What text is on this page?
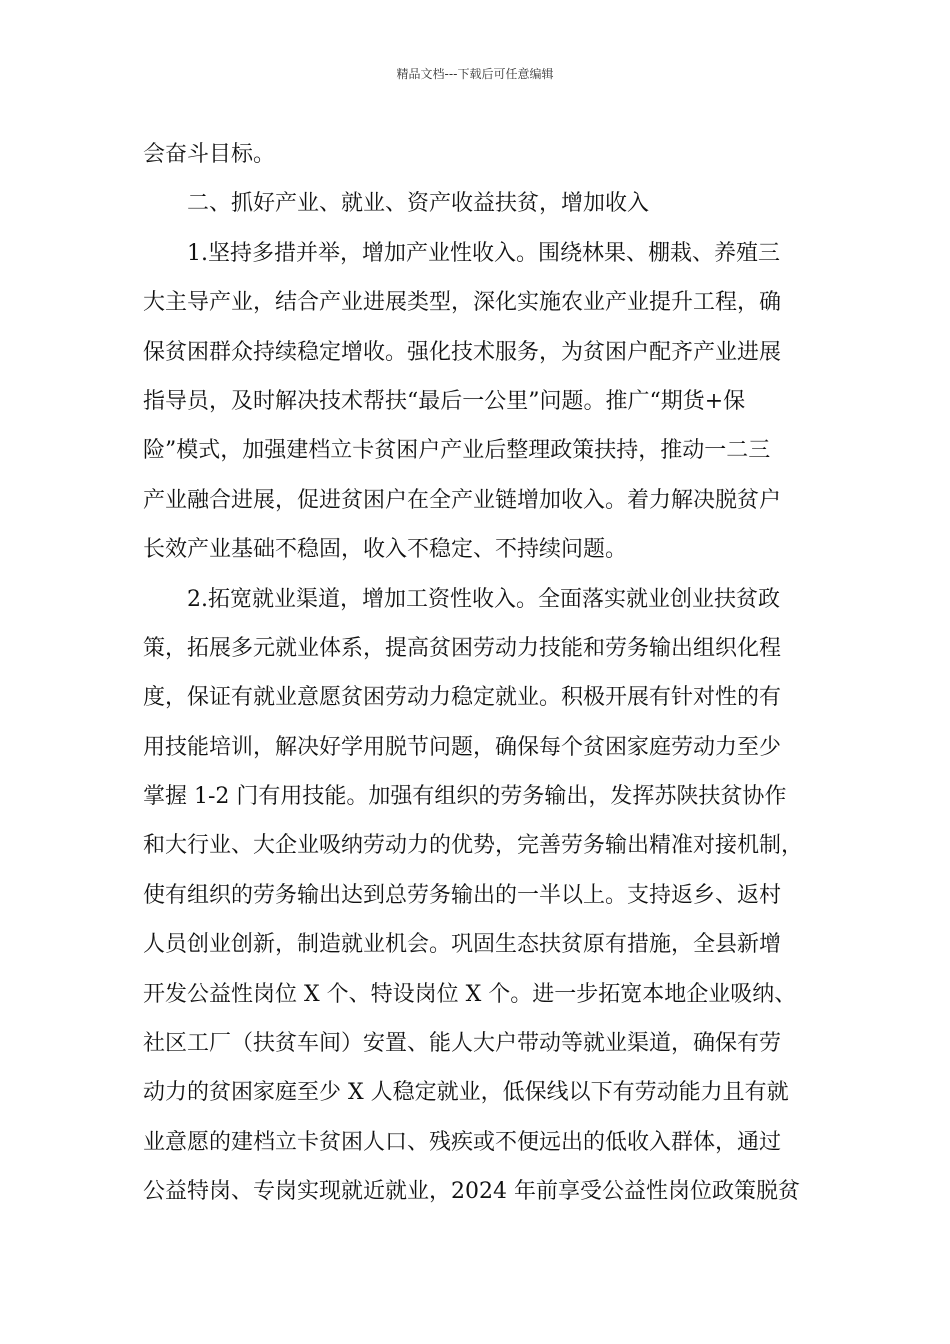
精品文档---下载后可任意编辑
会奋斗目标。
二、抓好产业、就业、资产收益扶贫，增加收入
1.坚持多措并举，增加产业性收入。围绕林果、棚栽、养殖三
大主导产业，结合产业进展类型，深化实施农业产业提升工程，确
保贫困群众持续稳定增收。强化技术服务，为贫困户配齐产业进展
指导员，及时解决技术帮扶“最后一公里”问题。推广“期货+保
险”模式，加强建档立卡贫困户产业后整理政策扶持，推动一二三
产业融合进展，促进贫困户在全产业链增加收入。着力解决脱贫户
长效产业基础不稳固，收入不稳定、不持续问题。
2.拓宽就业渠道，增加工资性收入。全面落实就业创业扶贫政
策，拓展多元就业体系，提高贫困劳动力技能和劳务输出组织化程
度，保证有就业意愿贫困劳动力稳定就业。积极开展有针对性的有
用技能培训，解决好学用脱节问题，确保每个贫困家庭劳动力至少
掌握 1-2 门有用技能。加强有组织的劳务输出，发挥苏陕扶贫协作
和大行业、大企业吸纳劳动力的优势，完善劳务输出精准对接机制，
使有组织的劳务输出达到总劳务输出的一半以上。支持返乡、返村
人员创业创新，制造就业机会。巩固生态扶贫原有措施，全县新增
开发公益性岗位 X 个、特设岗位 X 个。进一步拓宽本地企业吸纳、
社区工厂（扶贫车间）安置、能人大户带动等就业渠道，确保有劳
动力的贫困家庭至少 X 人稳定就业，低保线以下有劳动能力且有就
业意愿的建档立卡贫困人口、残疾或不便远出的低收入群体，通过
公益特岗、专岗实现就近就业，2024 年前享受公益性岗位政策脱贫
